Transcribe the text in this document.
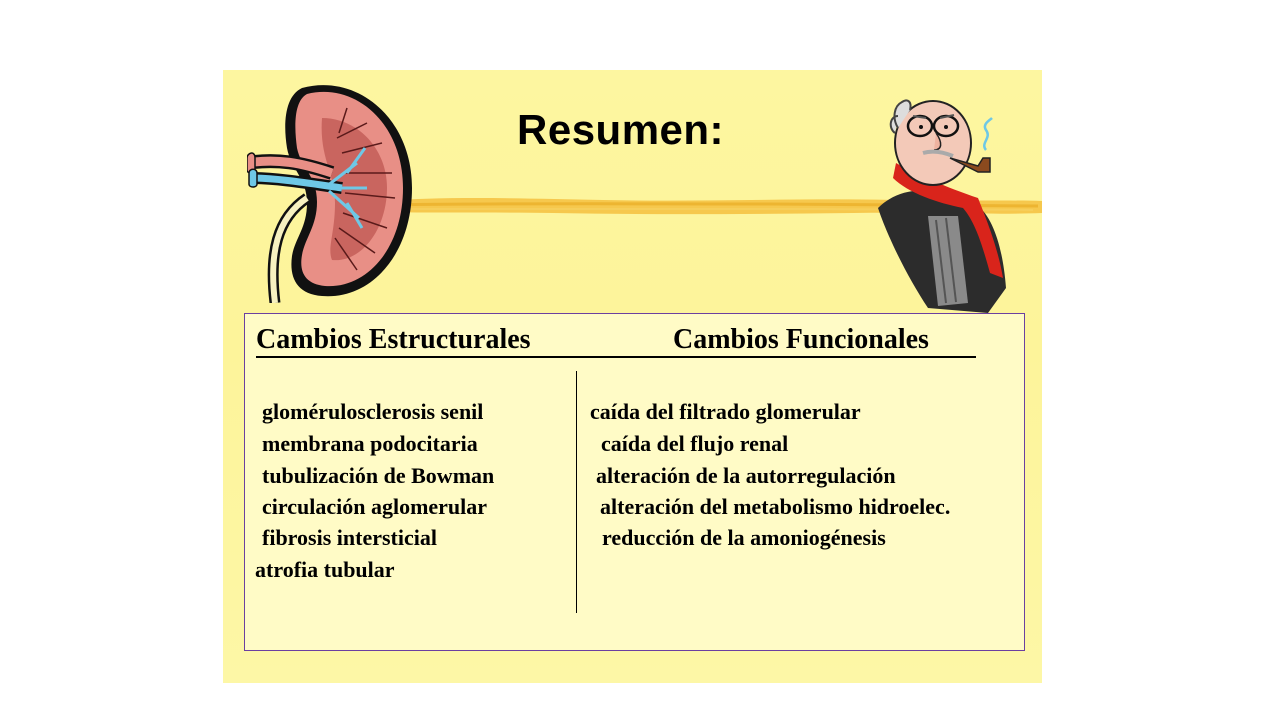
Resumen:
Cambios Estructurales	Cambios Funcionales
glomérulosclerosis senil
membrana podocitaria
tubulización de Bowman
circulación aglomerular
fibrosis intersticial
atrofia tubular
caída del filtrado glomerular
caída del flujo renal
alteración de la autorregulación
alteración del metabolismo hidroelec.
reducción de la amoniogénesis
